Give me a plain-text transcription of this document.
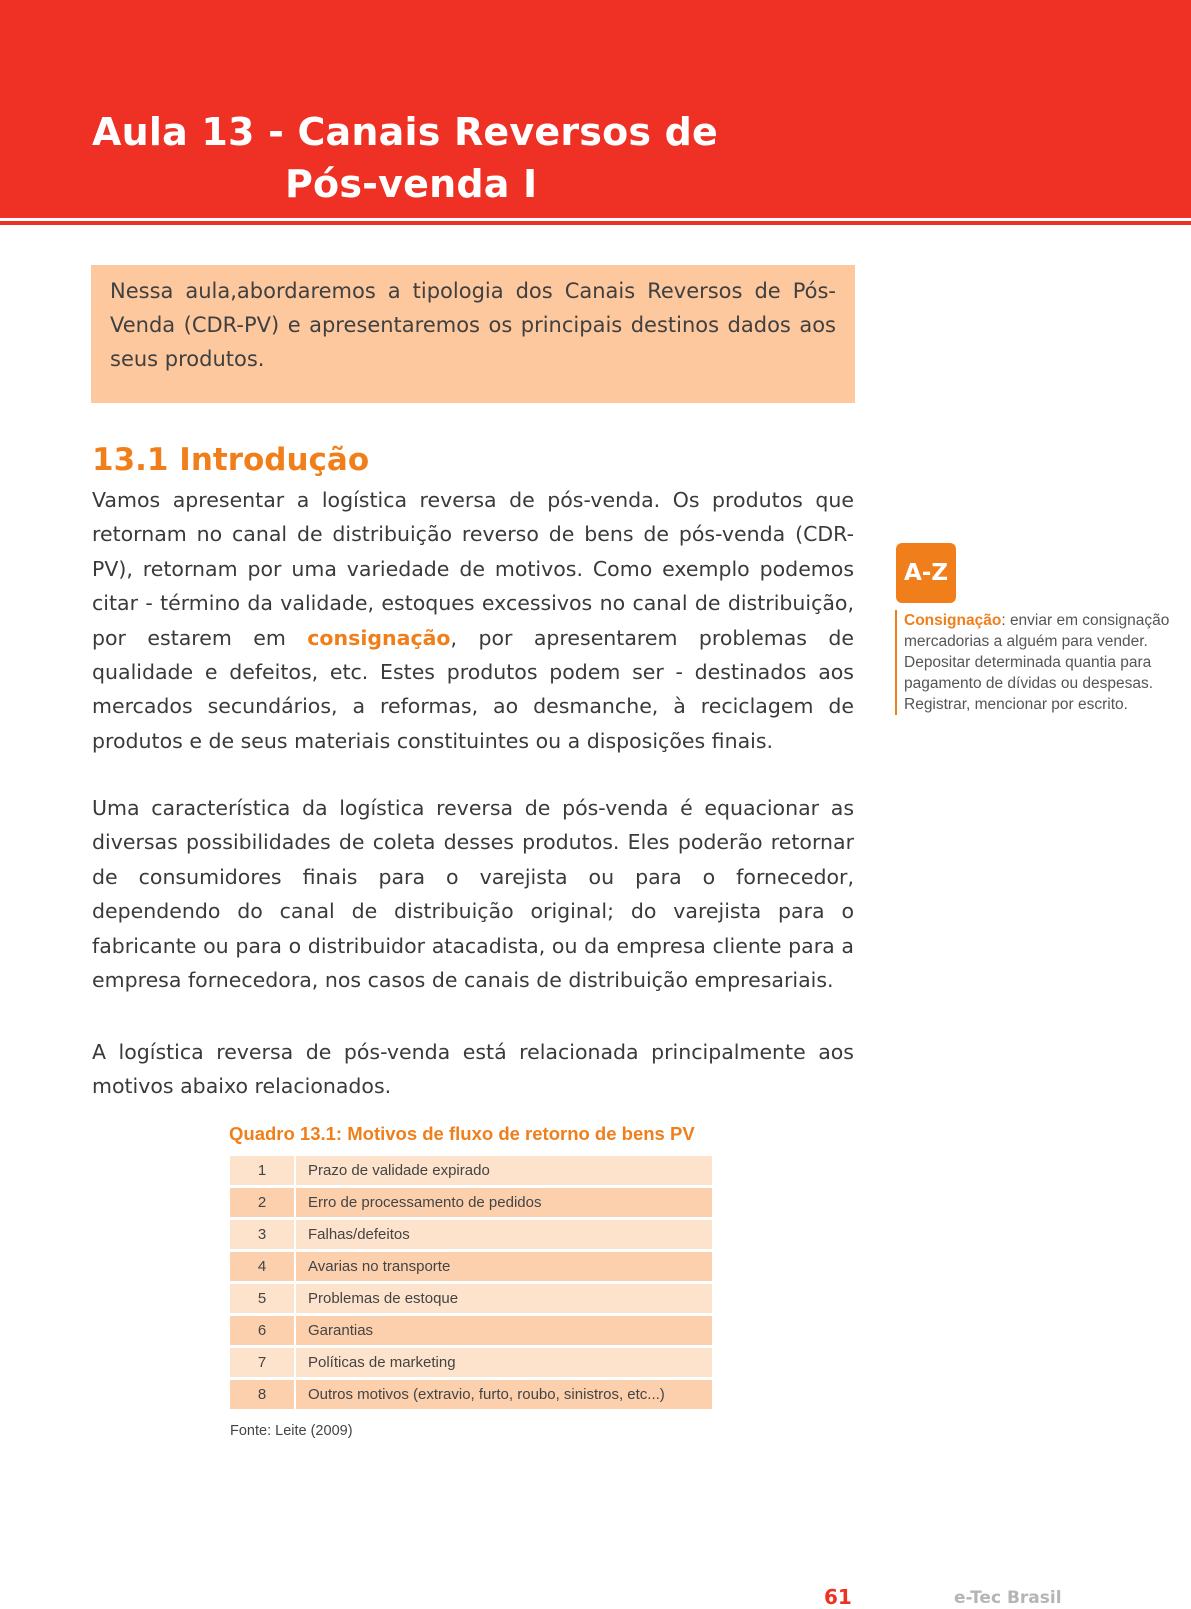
Aula 13 - Canais Reversos de
Pós-venda I

Nessa aula,abordaremos a tipologia dos Canais Reversos de Pós-Venda (CDR-PV) e apresentaremos os principais destinos dados aos seus produtos.

13.1 Introdução

Vamos apresentar a logística reversa de pós-venda. Os produtos que retornam no canal de distribuição reverso de bens de pós-venda (CDR-PV), retornam por uma variedade de motivos. Como exemplo podemos citar - término da validade, estoques excessivos no canal de distribuição, por estarem em consignação, por apresentarem problemas de qualidade e defeitos, etc. Estes produtos podem ser - destinados aos mercados secundários, a reformas, ao desmanche, à reciclagem de produtos e de seus materiais constituintes ou a disposições finais.

Uma característica da logística reversa de pós-venda é equacionar as diversas possibilidades de coleta desses produtos. Eles poderão retornar de consumidores finais para o varejista ou para o fornecedor, dependendo do canal de distribuição original; do varejista para o fabricante ou para o distribuidor atacadista, ou da empresa cliente para a empresa fornecedora, nos casos de canais de distribuição empresariais.

A logística reversa de pós-venda está relacionada principalmente aos motivos abaixo relacionados.

A-Z
Consignação: enviar em consignação mercadorias a alguém para vender. Depositar determinada quantia para pagamento de dívidas ou despesas. Registrar, mencionar por escrito.
Quadro 13.1: Motivos de fluxo de retorno de bens PV
1	Prazo de validade expirado
2	Erro de processamento de pedidos
3	Falhas/defeitos
4	Avarias no transporte
5	Problemas de estoque
6	Garantias
7	Políticas de marketing
8	Outros motivos (extravio, furto, roubo, sinistros, etc...)
Fonte: Leite (2009)
61	e-Tec Brasil
